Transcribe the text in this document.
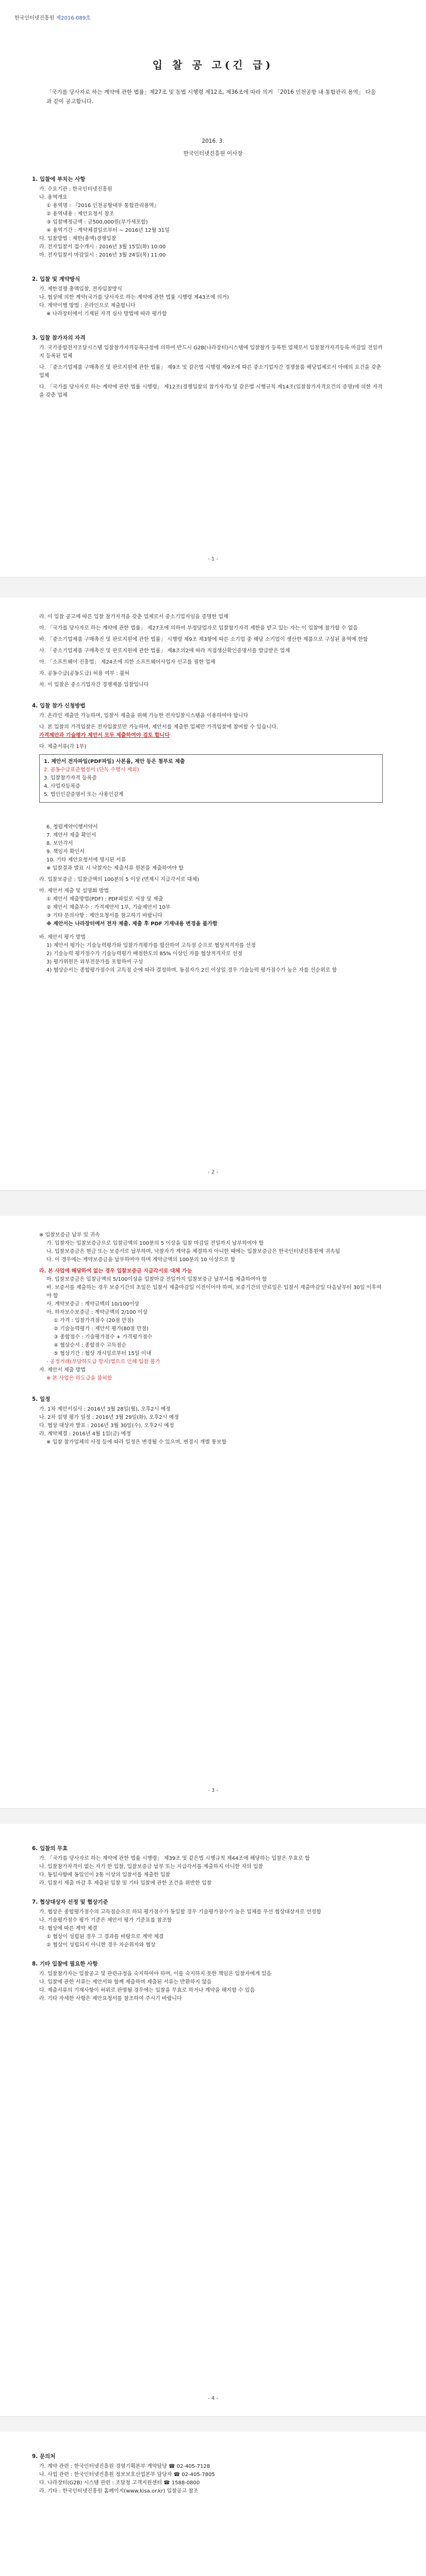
한국인터넷진흥원 제2016-089호
입 찰 공 고(긴 급)
「국가를 당사자로 하는 계약에 관한 법률」제27조 및 동법 시행령 제12조, 제36조에 따라 의거 「2016 인천공항 내 통합관리 용역」 다음과 같이 공고합니다.
2016. 3.
한국인터넷진흥원 이사장
1. 입찰에 부치는 사항
가. 수요기관 : 한국인터넷진흥원
나. 용역개요
① 용역명 : 『2016 인천공항내부 통합관리용역』
② 용역내용 : 제안요청서 참조
③ 입찰예정금액 : 금500,000원(부가세포함)
④ 용역기간 : 계약체결일로부터 ~ 2016년 12월 31일
다. 입찰방법 : 제한(총액)경쟁입찰
라. 전자입찰서 접수개시 : 2016년 3월 15일(화) 10:00
마. 전자입찰서 마감일시 : 2016년 3월 24일(목) 11:00
2. 입찰 및 계약방식
가. 제한경쟁 총액입찰, 전자입찰방식
나. 협상에 의한 계약(국가를 당사자로 하는 계약에 관한 법률 시행령 제43조에 의거)
다. 계약이행 방법 : 온라인으로 제출합니다
※ 나라장터에서 기재된 자격 심사 방법에 따라 평가함
3. 입찰 참가자의 자격
가. 국가종합전자조달시스템 입찰참가자격등록규정에 의하여 반드시 G2B(나라장터)시스템에 입찰참가 등록한 업체로서 입찰참가자격등록 마감일 전일까지 등록된 업체
나. 「중소기업제품 구매촉진 및 판로지원에 관한 법률」 제9조 및 같은법 시행령 제9조에 따른 중소기업자간 경쟁물품 해당업체로서 아래의 요건을 갖춘 업체
다. 「국가를 당사자로 하는 계약에 관한 법률 시행령」 제12조(경쟁입찰의 참가자격) 및 같은법 시행규칙 제14조(입찰참가자격요건의 증명)에 의한 자격을 갖춘 업체
- 1 -
라. 이 입찰 공고에 따른 입찰 참가자격을 갖춘 업체로서 중소기업자임을 증명한 업체
마. 「국가를 당사자로 하는 계약에 관한 법률」 제27조에 의하여 부정당업자로 입찰참가자격 제한을 받고 있는 자는 이 입찰에 참가할 수 없음
바. 「중소기업제품 구매촉진 및 판로지원에 관한 법률」 시행령 제9조 제3항에 따른 소기업 중 해당 소기업이 생산한 제품으로 구성된 용역에 한함
사. 「중소기업제품 구매촉진 및 판로지원에 관한 법률」 제8조의2에 따라 직접생산확인증명서를 발급받은 업체
아. 「소프트웨어 진흥법」 제24조에 의한 소프트웨어사업자 신고를 필한 업체
자. 공동수급(공동도급) 허용 여부 : 불허
차. 이 입찰은 중소기업자간 경쟁제품 입찰입니다
4. 입찰 참가 신청방법
가. 온라인 제출만 가능하며, 입찰서 제출을 위해 가능한 전자입찰시스템을 이용하여야 합니다
나. 본 입찰의 가격입찰은 전자입찰로만 가능하며, 제안서를 제출한 업체만 가격입찰에 참여할 수 있습니다.
가격제안과 기술평가 제안서 모두 제출하여야 검토 합니다
다. 제출서류(각 1부)
1. 제안서 전자파일(PDF파일) 사본을, 제안 등은 첨부로 제출
2. 공동수급표준협정서 (단독 수행시 제외)
3. 입찰참가자격 등록증
4. 사업자등록증
5. 법인인감증명서 또는 사용인감계
6. 청렴계약이행서약서
7. 제안서 제출 확인서
8. 보안각서
9. 책임자 확인서
10. 기타 제안요청서에 명시된 서류
※ 입찰결과 발표 시 낙찰자는 제출서류 원본을 제출하여야 함
라. 입찰보증금 : 입찰금액의 100분의 5 이상 (면제시 지급각서로 대체)
마. 제안서 제출 및 설명회 방법
① 제안서 제출방법(PDF) : PDF파일로 저장 및 제출
② 제안서 제출부수 : 가격제안서 1부, 기술제안서 10부
③ 기타 문의사항 : 제안요청서를 참고하기 바랍니다
※ 제안서는 나라장터에서 전자 제출. 제출 후 PDF 기재내용 변경을 불가함
바. 제안서 평가 방법
1) 제안서 평가는 기술능력평가와 입찰가격평가를 합산하여 고득점 순으로 협상적격자를 선정
2) 기술능력 평가점수가 기술능력평가 배점한도의 85% 이상인 자를 협상적격자로 선정
3) 평가위원은 외부전문가를 포함하여 구성
4) 협상순서는 종합평가점수의 고득점 순에 따라 결정하며, 동점자가 2인 이상일 경우 기술능력 평가점수가 높은 자를 선순위로 함
- 2 -
※ 입찰보증금 납부 및 귀속
가. 입찰자는 입찰보증금으로 입찰금액의 100분의 5 이상을 입찰 마감일 전일까지 납부하여야 함
나. 입찰보증금은 현금 또는 보증서로 납부하며, 낙찰자가 계약을 체결하지 아니한 때에는 입찰보증금은 한국인터넷진흥원에 귀속됨
다. 이 경우에는 계약보증금을 납부하여야 하며 계약금액의 100분의 10 이상으로 함
라. 본 사업에 해당하여 없는 경우 입찰보증금 지급각서로 대체 가능
마. 입찰보증금은 입찰금액의 5/100이상을 입찰마감 전일까지 입찰보증금 납부서를 제출하여야 함
바. 보증서를 제출하는 경우 보증기간의 초일은 입찰서 제출마감일 이전이어야 하며, 보증기간의 만료일은 입찰서 제출마감일 다음날부터 30일 이후여야 함
사. 계약보증금 : 계약금액의 10/100이상
아. 하자보수보증금 : 계약금액의 2/100 이상
① 가격 : 입찰가격점수 (20점 만점)
② 기술능력평가 : 제안서 평가(80점 만점)
③ 종합점수 : 기술평가점수 + 가격평가점수
④ 협상순서 : 종합점수 고득점순
⑤ 협상기간 : 협상 개시일로부터 15일 이내
- 공정거래(부당하도급 방지)법으로 인해 입찰 불가
자. 제안서 제출 방법
※ 본 사업은 하도급을 불허함
5. 일정
가. 1차 제안서심사 : 2016년 3월 28일(월), 오후2시 예정
나. 2차 설명 평가 일정 : 2016년 3월 29일(화), 오후2시 예정
다. 협상 대상자 발표 : 2016년 3월 30일(수), 오후2시 예정
라. 계약체결 : 2016년 4월 1일(금) 예정
※ 입찰 참가업체의 사정 등에 따라 일정은 변경될 수 있으며, 변경시 개별 통보함
- 3 -
6. 입찰의 무효
가. 「국가를 당사자로 하는 계약에 관한 법률 시행령」 제39조 및 같은법 시행규칙 제44조에 해당하는 입찰은 무효로 함
나. 입찰참가자격이 없는 자가 한 입찰, 입찰보증금 납부 또는 지급각서를 제출하지 아니한 자의 입찰
다. 동일사항에 동일인이 2통 이상의 입찰서를 제출한 입찰
라. 입찰서 제출 마감 후 제출된 입찰 및 기타 입찰에 관한 조건을 위반한 입찰
7. 협상대상자 선정 및 협상기준
가. 협상은 종합평가점수의 고득점순으로 하되 평가점수가 동일할 경우 기술평가점수가 높은 업체를 우선 협상대상자로 선정함
나. 기술평가점수 평가 기준은 제안서 평가 기준표를 참조함
다. 협상에 따른 계약 체결
① 협상이 성립된 경우 그 결과를 바탕으로 계약 체결
② 협상이 성립되지 아니한 경우 차순위자와 협상
8. 기타 입찰에 필요한 사항
가. 입찰참가자는 입찰공고 및 관련규정을 숙지하여야 하며, 이를 숙지하지 못한 책임은 입찰자에게 있음
나. 입찰에 관한 서류는 제안서와 함께 제출하며 제출된 서류는 반환하지 않음
다. 제출서류의 기재사항이 허위로 판명될 경우에는 입찰을 무효로 하거나 계약을 해지할 수 있음
라. 기타 자세한 사항은 제안요청서를 참조하여 주시기 바랍니다
- 4 -
9. 문의처
가. 계약 관련 : 한국인터넷진흥원 경영기획본부 계약담당 ☎ 02-405-7128
나. 사업 관련 : 한국인터넷진흥원 정보보호산업본부 담당자 ☎ 02-405-7805
다. 나라장터(G2B) 시스템 관련 : 조달청 고객지원센터 ☎ 1588-0800
라. 기타 : 한국인터넷진흥원 홈페이지(www.kisa.or.kr) 입찰공고 참조
